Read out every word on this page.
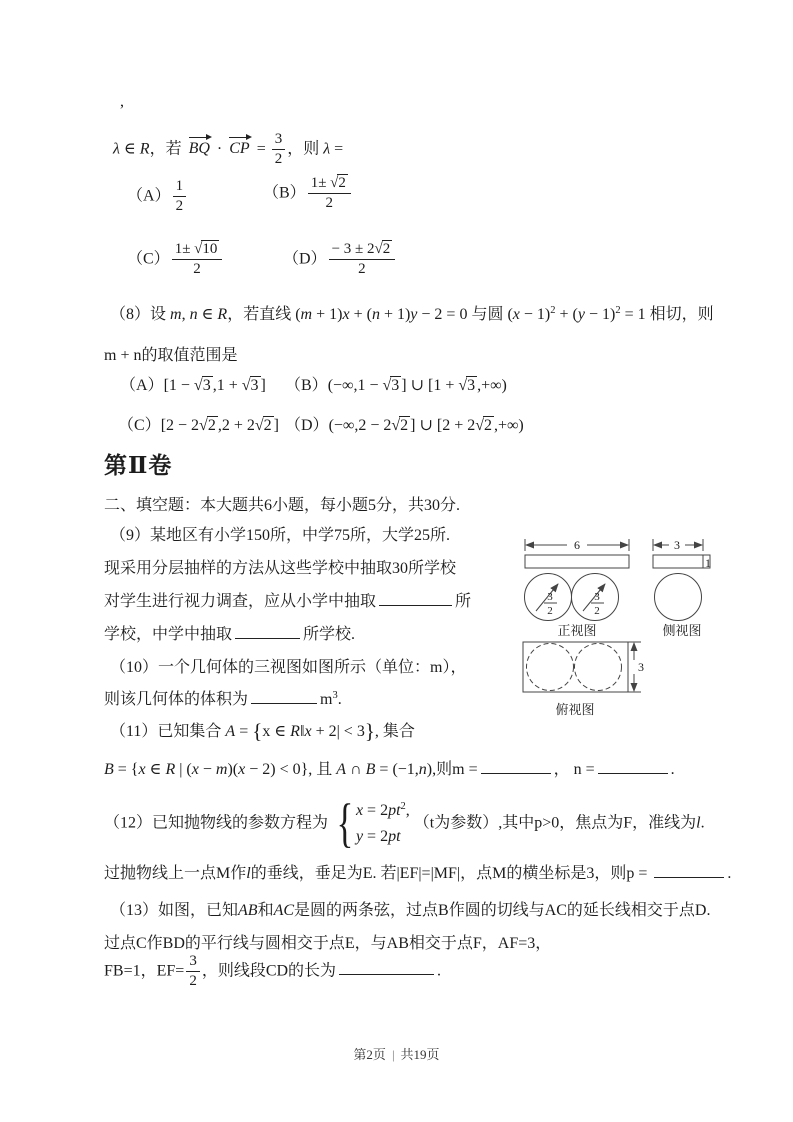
,
λ ∈ R，若 BQ · CP = $\frac{3}{2}$ ，则 λ =
$(A) \frac{1}{2}$	$(B) \frac{1\pm √2}{2}$
$(C) \frac{1\pm √10}{2}$	$(D) \frac{- 3 \pm 2√2}{2}$
（8）设 m, n ∈ R，若直线 (m + 1)x + (n + 1)y − 2 = 0 与圆 $(x - 1)^2 + (y - 1)^2 = 1$ 相切，则
m + n的取值范围是
（A）[1 − √3 ,1 + √3 ] （B）(−∞,1 − √3 ] ∪ [1 + √3 ,+∞)
（C）[2 − 2√2 ,2 + 2√2 ] （D）(−∞,2 − 2√2 ] ∪ [2 + 2√2 ,+∞)
第Ⅱ卷
二、填空题：本大题共6小题，每小题5分，共30分.
（9）某地区有小学150所，中学75所，大学25所.
现采用分层抽样的方法从这些学校中抽取30所学校
对学生进行视力调查，应从小学中抽取	所
学校，中学中抽取	所学校.
（10）一个几何体的三视图如图所示（单位：m），
则该几何体的体积为	$m^3$.
（11）已知集合 A = {x ∈ R‖x + 2| < 3}, 集合
B = {x ∈ R | (x − m)(x − 2) < 0}, 且 A ∩ B = (−1,n),则m =	， n =	.
（12）已知抛物线的参数方程为 { $x = 2pt^2$,
y = 2pt
（t为参数）,其中p>0，焦点为F，准线为l.
过抛物线上一点M作l的垂线，垂足为E. 若|EF|=|MF|，点M的横坐标是3，则p =	.
（13）如图，已知AB和AC是圆的两条弦，过点B作圆的切线与AC的延长线相交于点D.
过点C作BD的平行线与圆相交于点E，与AB相交于点F，AF=3，
FB=1，$EF= \frac{3}{2}$ ，则线段CD的长为	.
6
3
2
3
2
正视图
3
1
侧视图
3
俯视图
第2页 | 共19页
